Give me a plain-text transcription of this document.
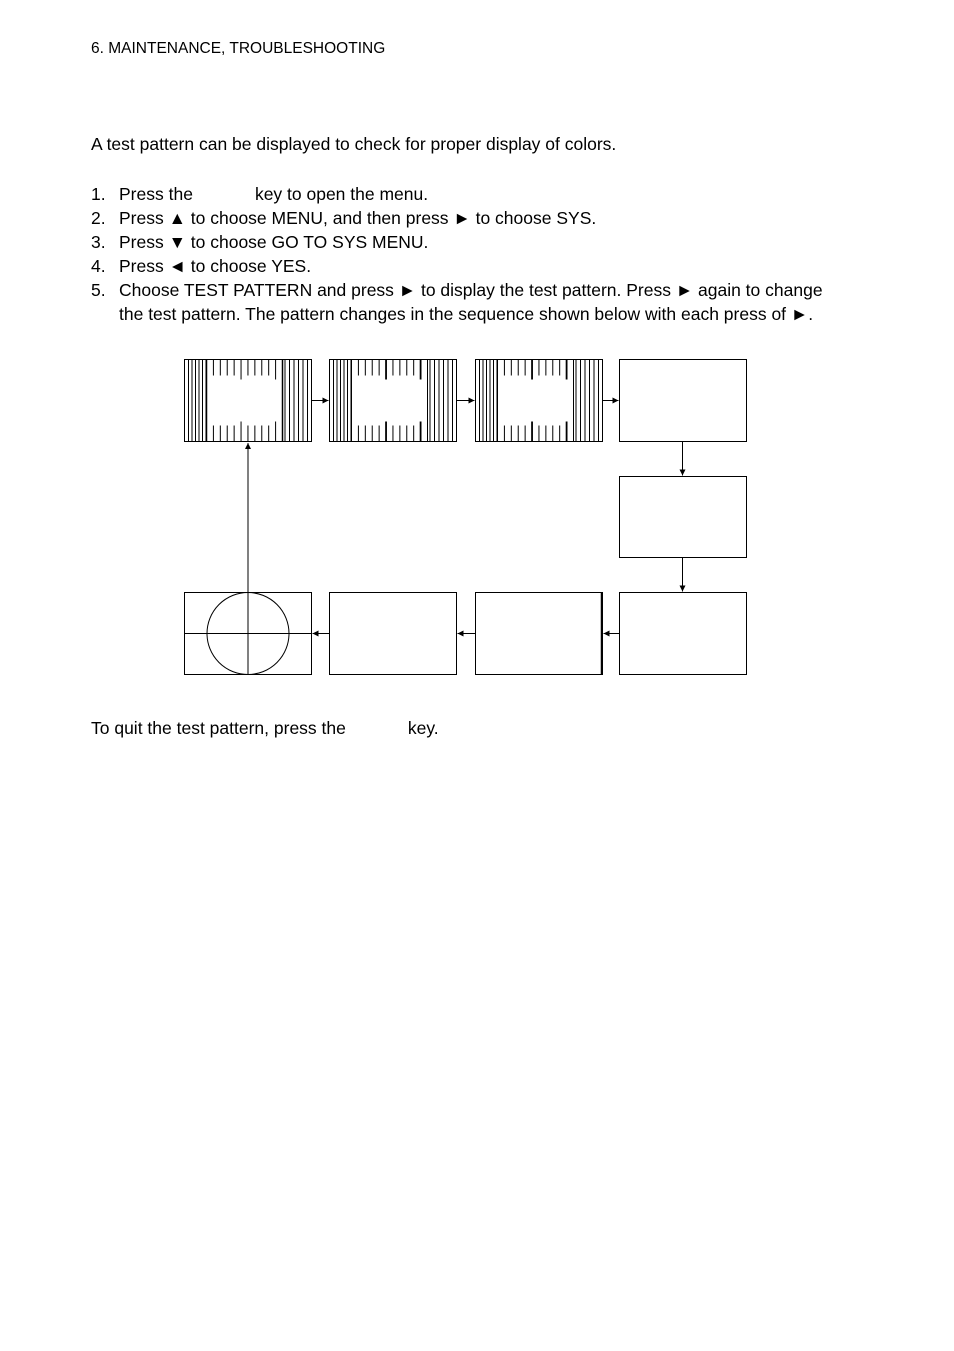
6. MAINTENANCE, TROUBLESHOOTING
A test pattern can be displayed to check for proper display of colors.
1. Press the	key to open the menu.
2. Press ▲ to choose MENU, and then press ► to choose SYS.
3. Press ▼ to choose GO TO SYS MENU.
4. Press ◄ to choose YES.
5. Choose TEST PATTERN and press ► to display the test pattern. Press ► again to change the test pattern. The pattern changes in the sequence shown below with each press of ►.
To quit the test pattern, press the	key.
